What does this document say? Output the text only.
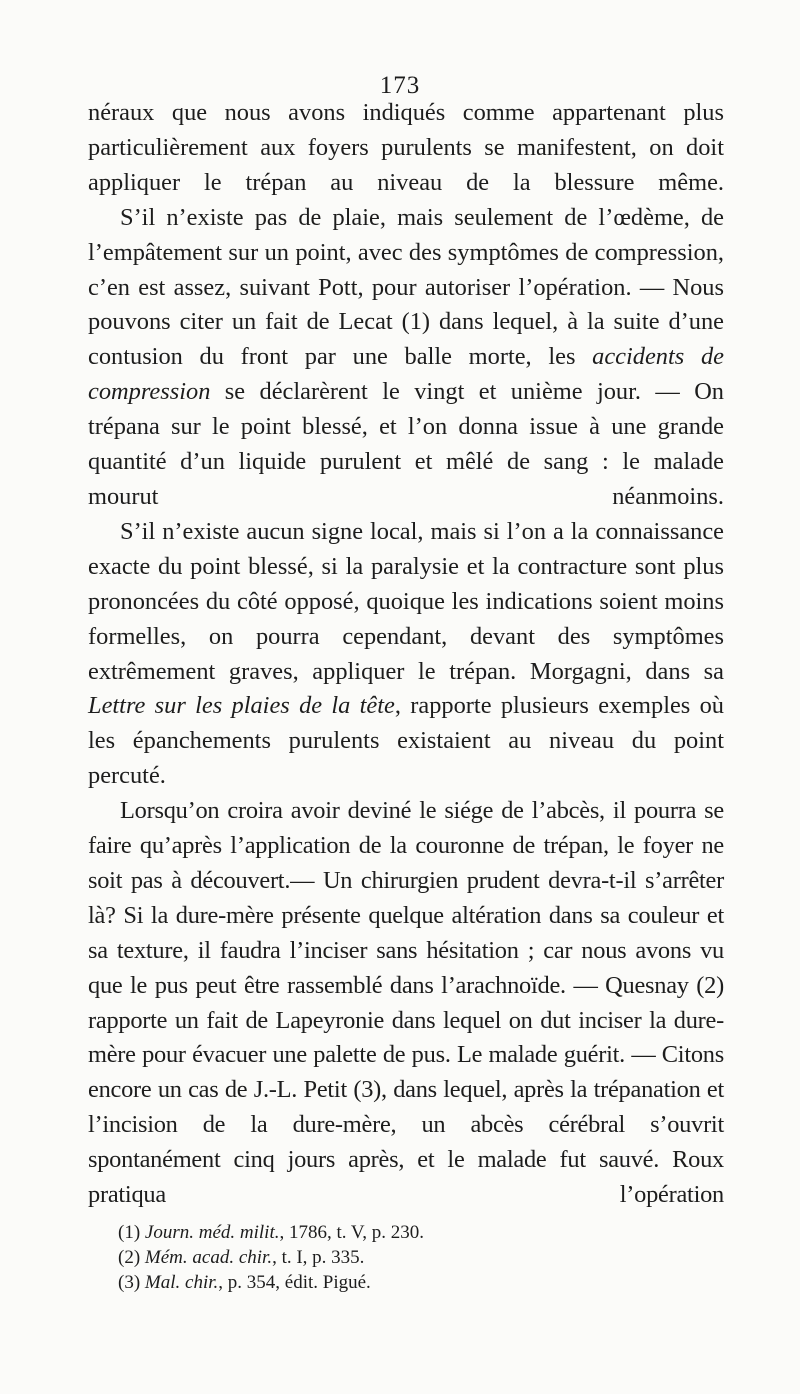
173

néraux que nous avons indiqués comme appartenant plus particulièrement aux foyers purulents se manifestent, on doit appliquer le trépan au niveau de la blessure même.

S’il n’existe pas de plaie, mais seulement de l’œdème, de l’empâtement sur un point, avec des symptômes de compression, c’en est assez, suivant Pott, pour autoriser l’opération. — Nous pouvons citer un fait de Lecat (1) dans lequel, à la suite d’une contusion du front par une balle morte, les accidents de compression se déclarèrent le vingt et unième jour. — On trépana sur le point blessé, et l’on donna issue à une grande quantité d’un liquide purulent et mêlé de sang : le malade mourut néanmoins.

S’il n’existe aucun signe local, mais si l’on a la connaissance exacte du point blessé, si la paralysie et la contracture sont plus prononcées du côté opposé, quoique les indications soient moins formelles, on pourra cependant, devant des symptômes extrêmement graves, appliquer le trépan. Morgagni, dans sa Lettre sur les plaies de la tête, rapporte plusieurs exemples où les épanchements purulents existaient au niveau du point percuté.

Lorsqu’on croira avoir deviné le siége de l’abcès, il pourra se faire qu’après l’application de la couronne de trépan, le foyer ne soit pas à découvert.— Un chirurgien prudent devra-t-il s’arrêter là? Si la dure-mère présente quelque altération dans sa couleur et sa texture, il faudra l’inciser sans hésitation ; car nous avons vu que le pus peut être rassemblé dans l’arachnoïde. — Quesnay (2) rapporte un fait de Lapeyronie dans lequel on dut inciser la dure-mère pour évacuer une palette de pus. Le malade guérit. — Citons encore un cas de J.-L. Petit (3), dans lequel, après la trépanation et l’incision de la dure-mère, un abcès cérébral s’ouvrit spontanément cinq jours après, et le malade fut sauvé. Roux pratiqua l’opération

(1) Journ. méd. milit., 1786, t. V, p. 230.
(2) Mém. acad. chir., t. I, p. 335.
(3) Mal. chir., p. 354, édit. Pigué.
